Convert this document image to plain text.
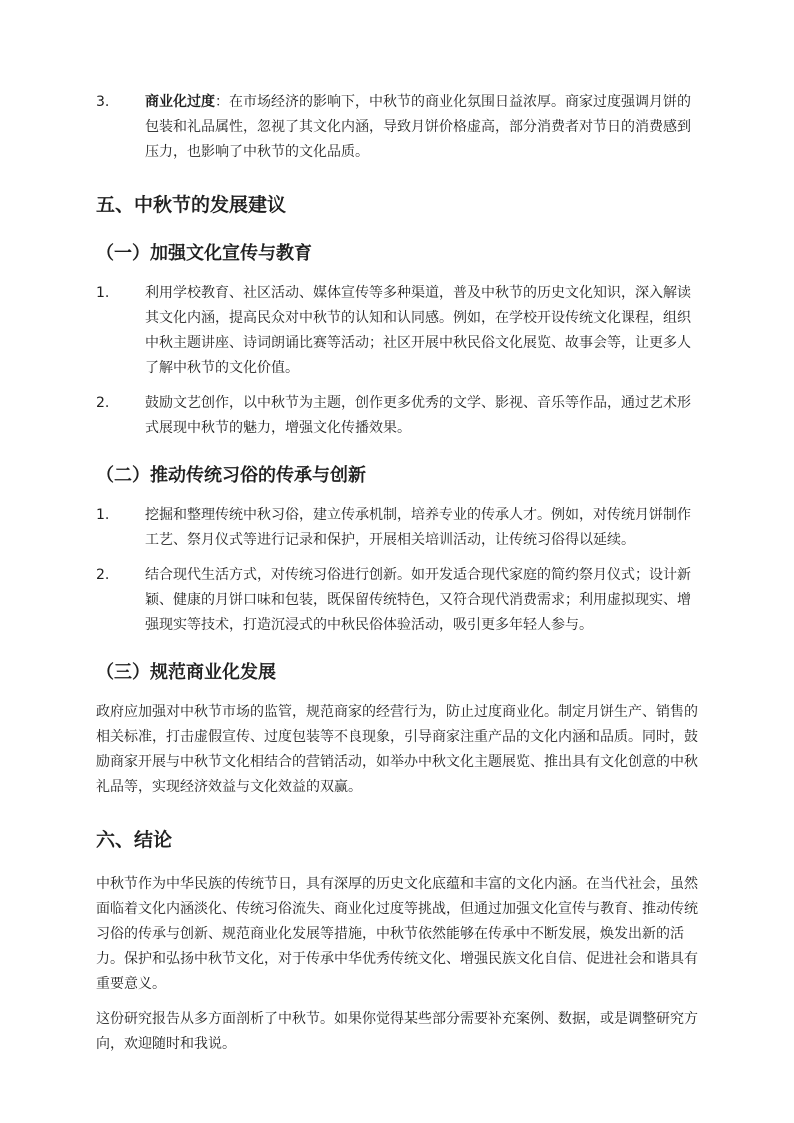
3.	商业化过度：在市场经济的影响下，中秋节的商业化氛围日益浓厚。商家过度强调月饼的包装和礼品属性，忽视了其文化内涵，导致月饼价格虚高，部分消费者对节日的消费感到压力，也影响了中秋节的文化品质。
五、中秋节的发展建议
（一）加强文化宣传与教育
1.	利用学校教育、社区活动、媒体宣传等多种渠道，普及中秋节的历史文化知识，深入解读其文化内涵，提高民众对中秋节的认知和认同感。例如，在学校开设传统文化课程，组织中秋主题讲座、诗词朗诵比赛等活动；社区开展中秋民俗文化展览、故事会等，让更多人了解中秋节的文化价值。
2.	鼓励文艺创作，以中秋节为主题，创作更多优秀的文学、影视、音乐等作品，通过艺术形式展现中秋节的魅力，增强文化传播效果。
（二）推动传统习俗的传承与创新
1.	挖掘和整理传统中秋习俗，建立传承机制，培养专业的传承人才。例如，对传统月饼制作工艺、祭月仪式等进行记录和保护，开展相关培训活动，让传统习俗得以延续。
2.	结合现代生活方式，对传统习俗进行创新。如开发适合现代家庭的简约祭月仪式；设计新颖、健康的月饼口味和包装，既保留传统特色，又符合现代消费需求；利用虚拟现实、增强现实等技术，打造沉浸式的中秋民俗体验活动，吸引更多年轻人参与。
（三）规范商业化发展

政府应加强对中秋节市场的监管，规范商家的经营行为，防止过度商业化。制定月饼生产、销售的相关标准，打击虚假宣传、过度包装等不良现象，引导商家注重产品的文化内涵和品质。同时，鼓励商家开展与中秋节文化相结合的营销活动，如举办中秋文化主题展览、推出具有文化创意的中秋礼品等，实现经济效益与文化效益的双赢。

六、结论

中秋节作为中华民族的传统节日，具有深厚的历史文化底蕴和丰富的文化内涵。在当代社会，虽然面临着文化内涵淡化、传统习俗流失、商业化过度等挑战，但通过加强文化宣传与教育、推动传统习俗的传承与创新、规范商业化发展等措施，中秋节依然能够在传承中不断发展，焕发出新的活力。保护和弘扬中秋节文化，对于传承中华优秀传统文化、增强民族文化自信、促进社会和谐具有重要意义。

这份研究报告从多方面剖析了中秋节。如果你觉得某些部分需要补充案例、数据，或是调整研究方向，欢迎随时和我说。
